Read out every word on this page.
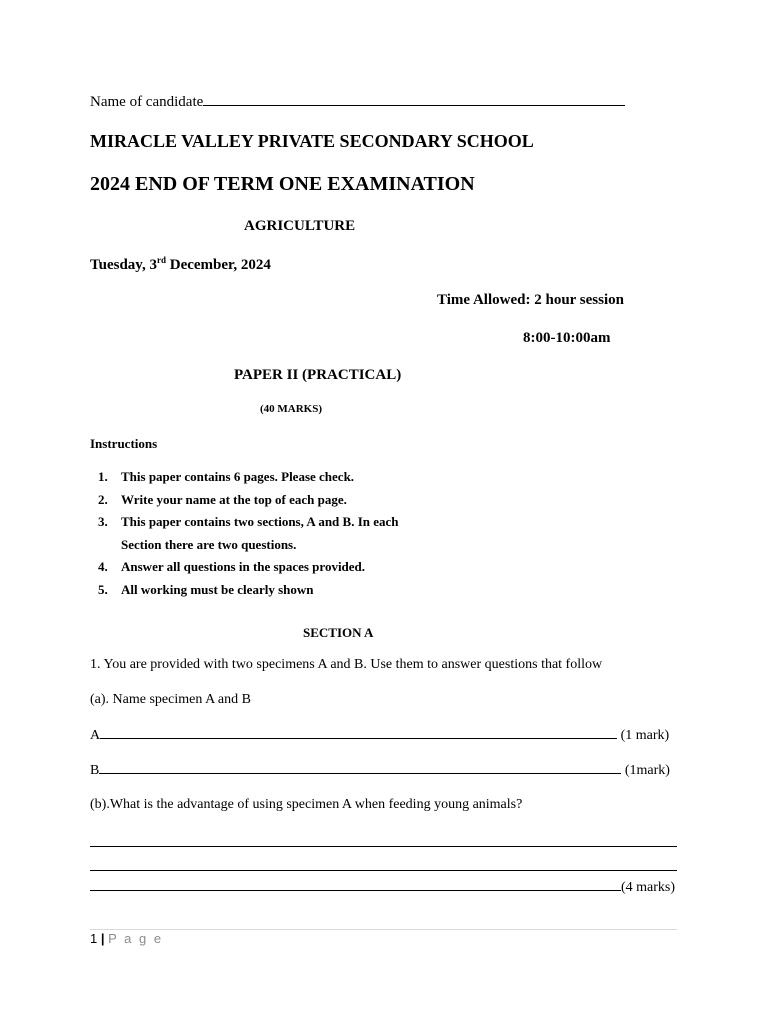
Name of candidate
MIRACLE VALLEY PRIVATE SECONDARY SCHOOL
2024 END OF TERM ONE EXAMINATION
AGRICULTURE
Tuesday, 3rd December, 2024
Time Allowed: 2 hour session
8:00-10:00am
PAPER II (PRACTICAL)
(40 MARKS)
Instructions
1. This paper contains 6 pages. Please check.
2. Write your name at the top of each page.
3. This paper contains two sections, A and B. In each
Section there are two questions.
4. Answer all questions in the spaces provided.
5. All working must be clearly shown
SECTION A
1. You are provided with two specimens A and B. Use them to answer questions that follow
(a). Name specimen A and B
A	(1 mark)
B	(1mark)
(b).What is the advantage of using specimen A when feeding young animals?
(4 marks)
1 | P a g e
